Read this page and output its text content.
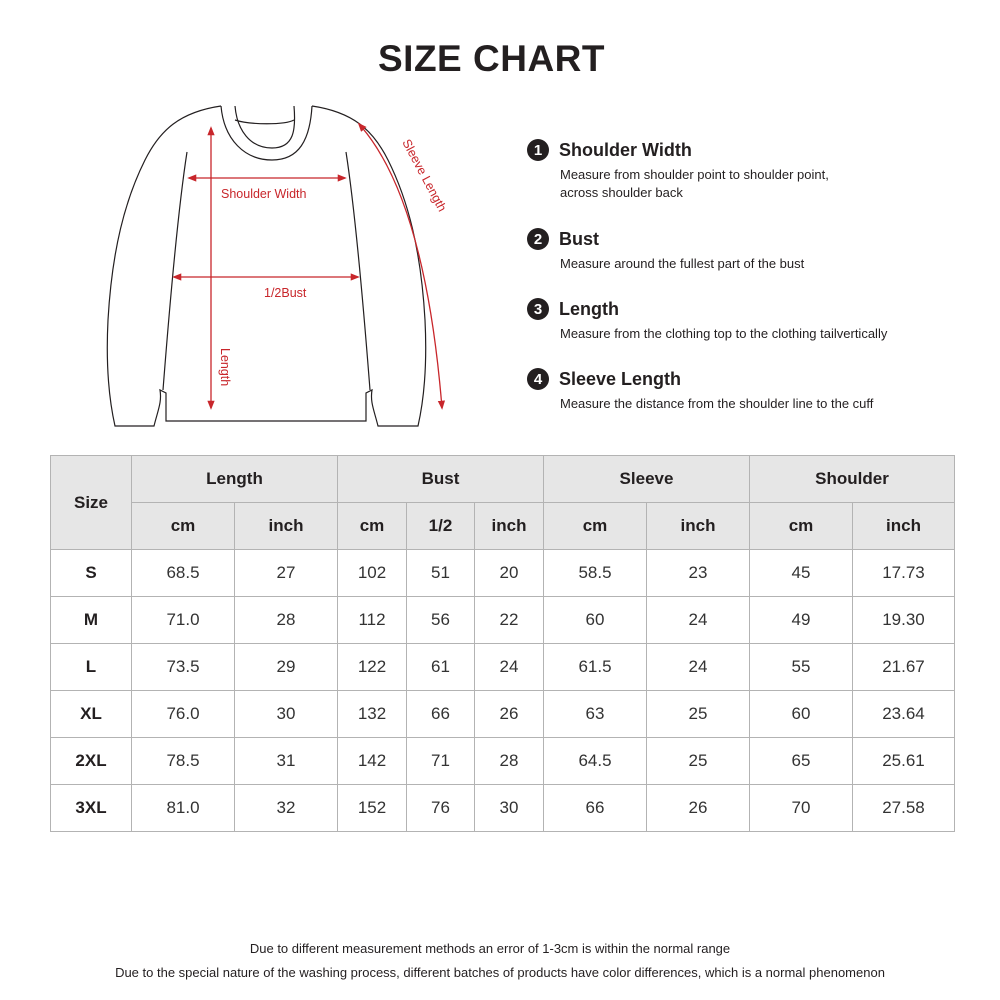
SIZE CHART
Shoulder Width
1/2Bust
Length
Sleeve Length	1 Shoulder Width
Measure from shoulder point to shoulder point,
across shoulder back
2 Bust
Measure around the fullest part of the bust
3 Length
Measure from the clothing top to the clothing tailvertically
4 Sleeve Length
Measure the distance from the shoulder line to the cuff
Size	Length		Bust			Sleeve		Shoulder	
	cm	inch	cm	1/2	inch	cm	inch	cm	inch
S	68.5	27	102	51	20	58.5	23	45	17.73
M	71.0	28	112	56	22	60	24	49	19.30
L	73.5	29	122	61	24	61.5	24	55	21.67
XL	76.0	30	132	66	26	63	25	60	23.64
2XL	78.5	31	142	71	28	64.5	25	65	25.61
3XL	81.0	32	152	76	30	66	26	70	27.58
Due to different measurement methods an error of 1-3cm is within the normal range
Due to the special nature of the washing process, different batches of products have color differences, which is a normal phenomenon
